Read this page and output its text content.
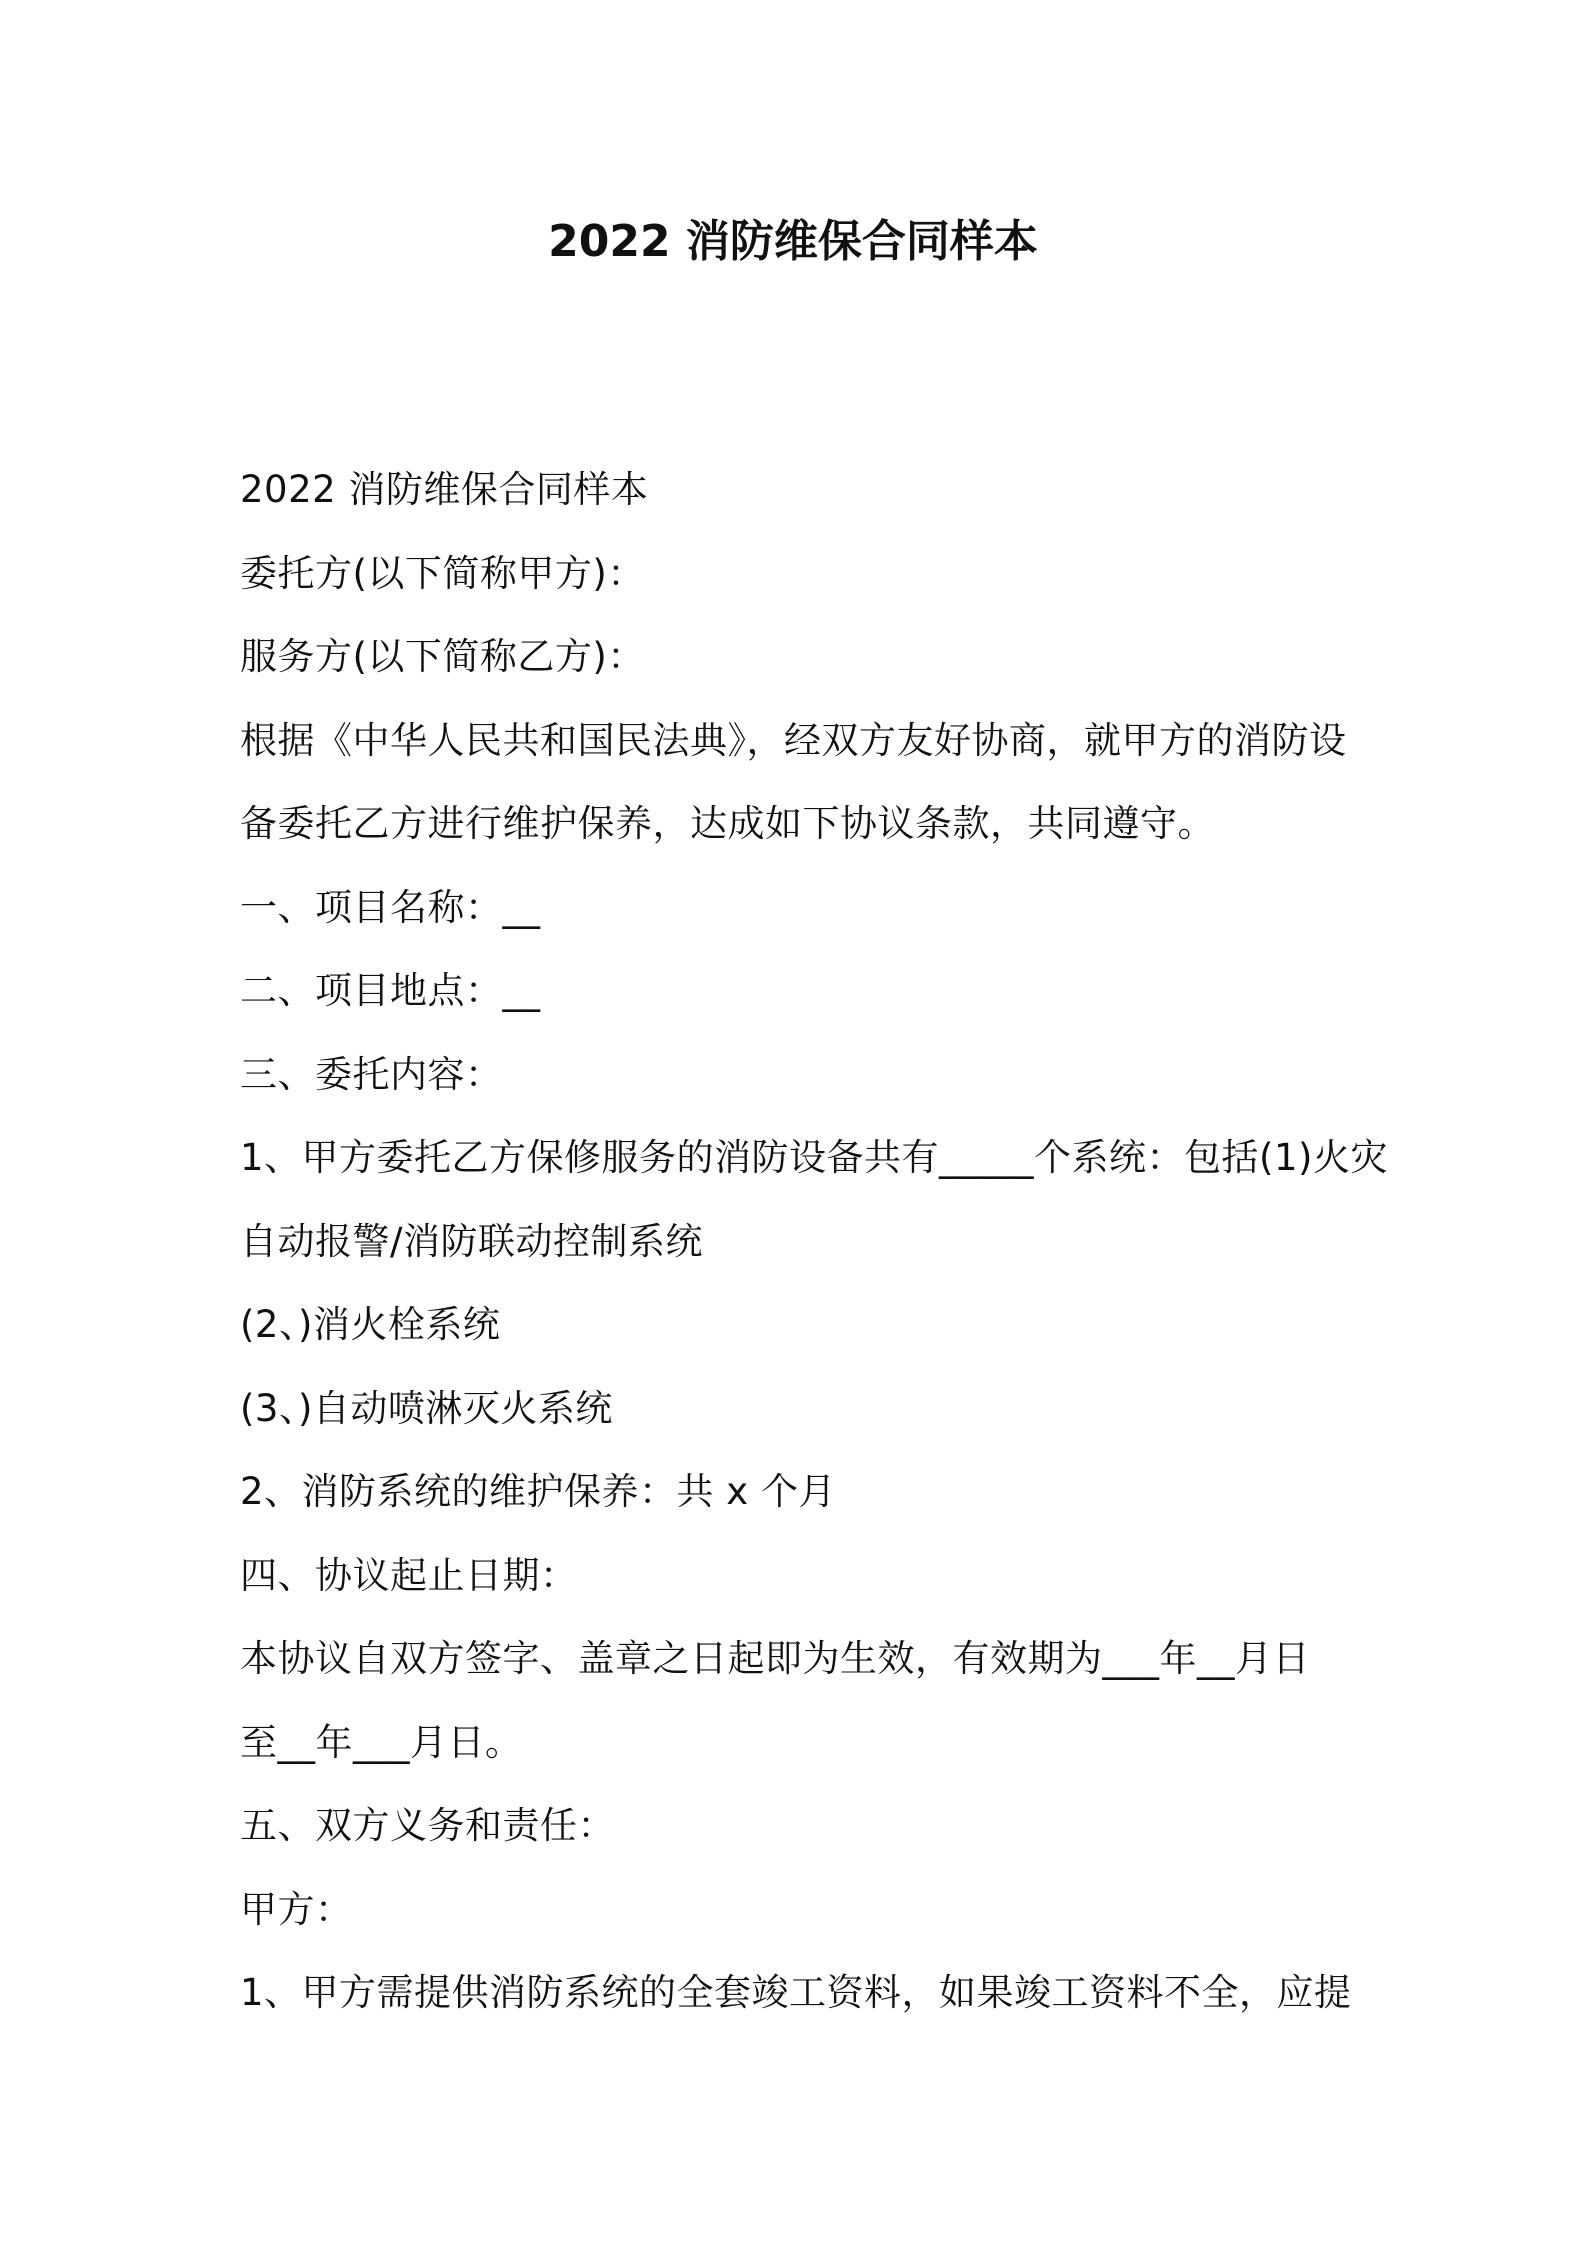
2022 消防维保合同样本
2022 消防维保合同样本
委托方(以下简称甲方)：
服务方(以下简称乙方)：
根据《中华人民共和国民法典》，经双方友好协商，就甲方的消防设
备委托乙方进行维护保养，达成如下协议条款，共同遵守。
一、项目名称：__
二、项目地点：__
三、委托内容：
1、甲方委托乙方保修服务的消防设备共有_____个系统：包括(1)火灾
自动报警/消防联动控制系统
(2、)消火栓系统
(3、)自动喷淋灭火系统
2、消防系统的维护保养：共 x 个月
四、协议起止日期：
本协议自双方签字、盖章之日起即为生效，有效期为___年__月日
至__年___月日。
五、双方义务和责任：
甲方：
1、甲方需提供消防系统的全套竣工资料，如果竣工资料不全，应提
